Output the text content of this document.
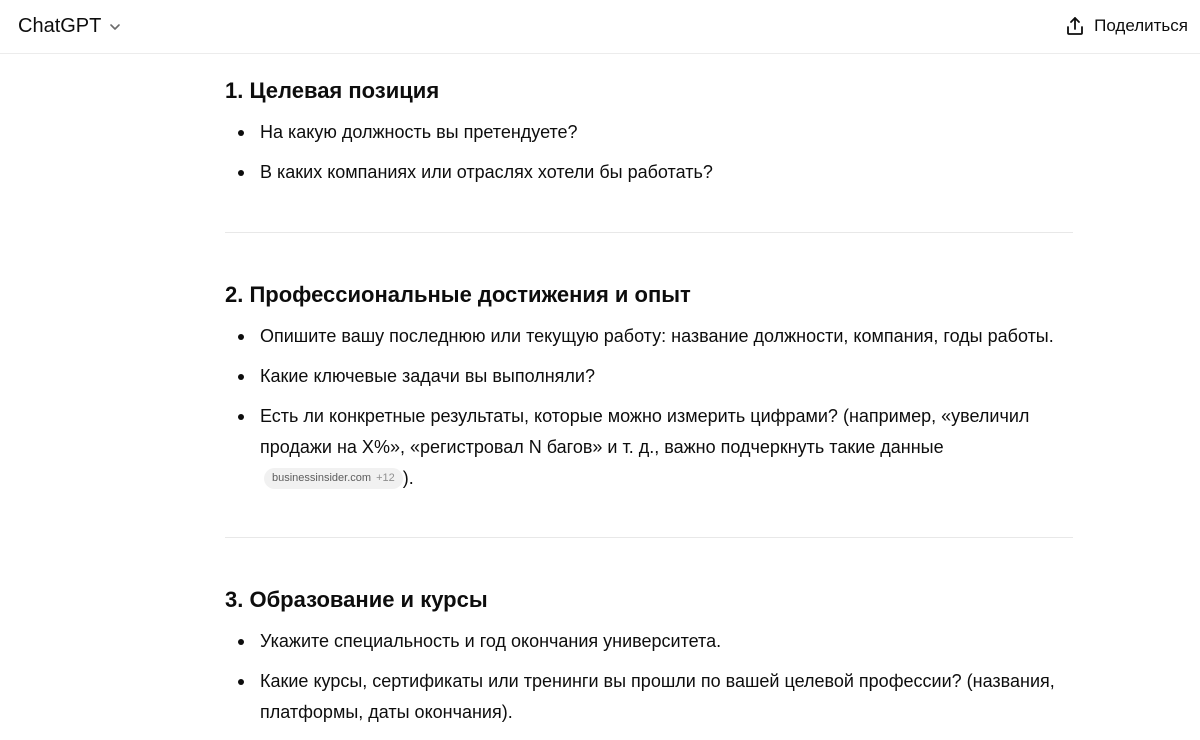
ChatGPT	Поделиться
1. Целевая позиция
На какую должность вы претендуете?
В каких компаниях или отраслях хотели бы работать?
2. Профессиональные достижения и опыт
Опишите вашу последнюю или текущую работу: название должности, компания, годы работы.
Какие ключевые задачи вы выполняли?
Есть ли конкретные результаты, которые можно измерить цифрами? (например, «увеличил продажи на X%», «регистровал N багов» и т. д., важно подчеркнуть такие данные

businessinsider.com +12 ).
3. Образование и курсы
Укажите специальность и год окончания университета.
Какие курсы, сертификаты или тренинги вы прошли по вашей целевой профессии? (названия, платформы, даты окончания).
